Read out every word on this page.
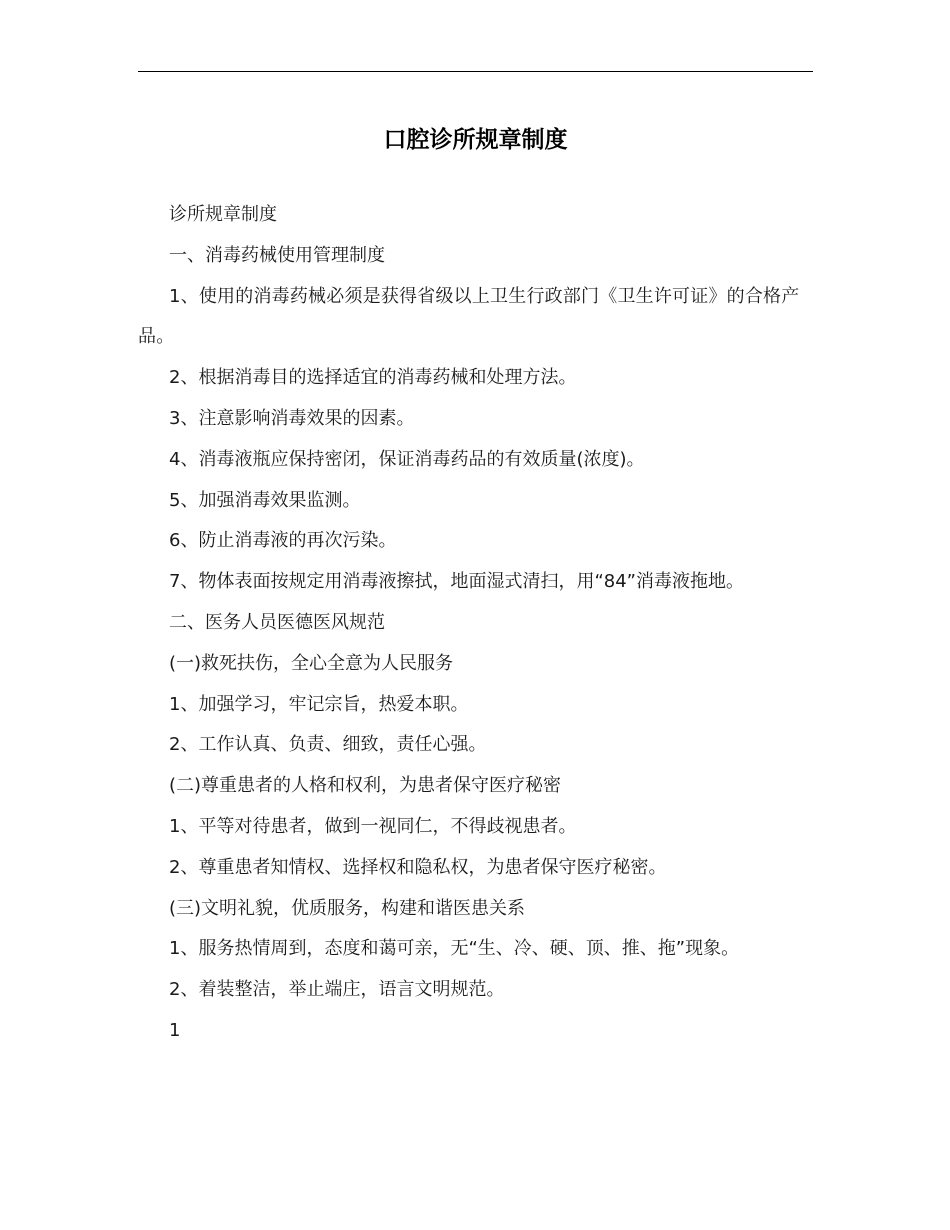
口腔诊所规章制度

诊所规章制度

一、消毒药械使用管理制度

1、使用的消毒药械必须是获得省级以上卫生行政部门《卫生许可证》的合格产品。

2、根据消毒目的选择适宜的消毒药械和处理方法。

3、注意影响消毒效果的因素。

4、消毒液瓶应保持密闭，保证消毒药品的有效质量(浓度)。

5、加强消毒效果监测。

6、防止消毒液的再次污染。

7、物体表面按规定用消毒液擦拭，地面湿式清扫，用“84”消毒液拖地。

二、医务人员医德医风规范

(一)救死扶伤，全心全意为人民服务

1、加强学习，牢记宗旨，热爱本职。

2、工作认真、负责、细致，责任心强。

(二)尊重患者的人格和权利，为患者保守医疗秘密

1、平等对待患者，做到一视同仁，不得歧视患者。

2、尊重患者知情权、选择权和隐私权，为患者保守医疗秘密。

(三)文明礼貌，优质服务，构建和谐医患关系

1、服务热情周到，态度和蔼可亲，无“生、冷、硬、顶、推、拖”现象。

2、着装整洁，举止端庄，语言文明规范。

1
